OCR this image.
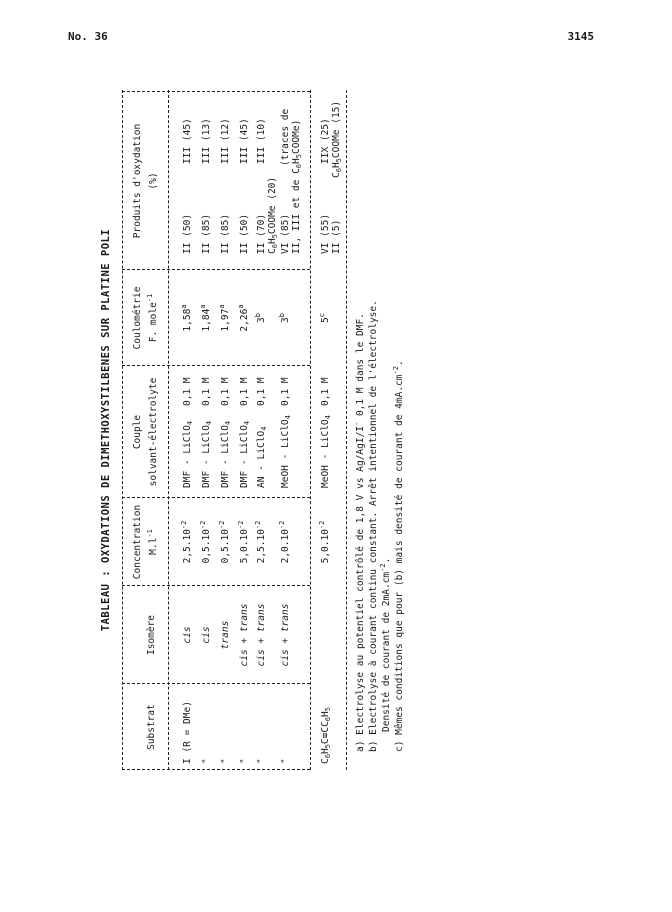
No. 36	3145
TABLEAU : OXYDATIONS DE DIMETHOXYSTILBENES SUR PLATINE POLI
Substrat
Isomère
Concentration $M.l^{-1}$
Couple solvant-électrolyte
Coulométrie F. mole$^{-1}$
Produits d'oxydation (%)
I (R = DMe)
cis
$2,5.10^{-2}$
DMF - LiClO$_4$
0,1 M
1,58$^a$
II (50)
III (45)
"
cis
$0,5.10^{-2}$
DMF - LiClO$_4$
0,1 M
1,84$^a$
II (85)
III (13)
"
trans
$0,5.10^{-2}$
DMF - LiClO$_4$
0,1 M
1,97$^a$
II (85)
III (12)
"
cis + trans
$5,0.10^{-2}$
DMF - LiClO$_4$
0,1 M
2,26$^a$
II (50)
III (45)
"
cis + trans
$2,5.10^{-2}$
AN - LiClO$_4$
0,1 M
3$^b$
II (70)
III (10)
$C_6H_5COOMe$ (20)
"
cis + trans
$2,0.10^{-2}$
MeOH - LiClO$_4$
0,1 M
3$^b$
VI (85)
(traces de
II, III et de $C_6H_5COOMe$)
$C_6H_5C\equiv CC_6H_5$
$5,0.10^{-2}$
MeOH - LiClO$_4$
0,1 M
5$^c$
VI (55)
IIX (25)
II (5)
$C_6H_5COOMe$ (15)
a) Electrolyse au potentiel contrôlé de 1,8 V vs Ag/AgI/I- 0,1 M dans le DMF. b) Electrolyse à courant continu constant. Arrêt intentionnel de l'électrolyse. Densité de courant de $2mA.cm^{-2}$. c) Mêmes conditions que pour (b) mais densité de courant de $4mA.cm^{-2}$.
